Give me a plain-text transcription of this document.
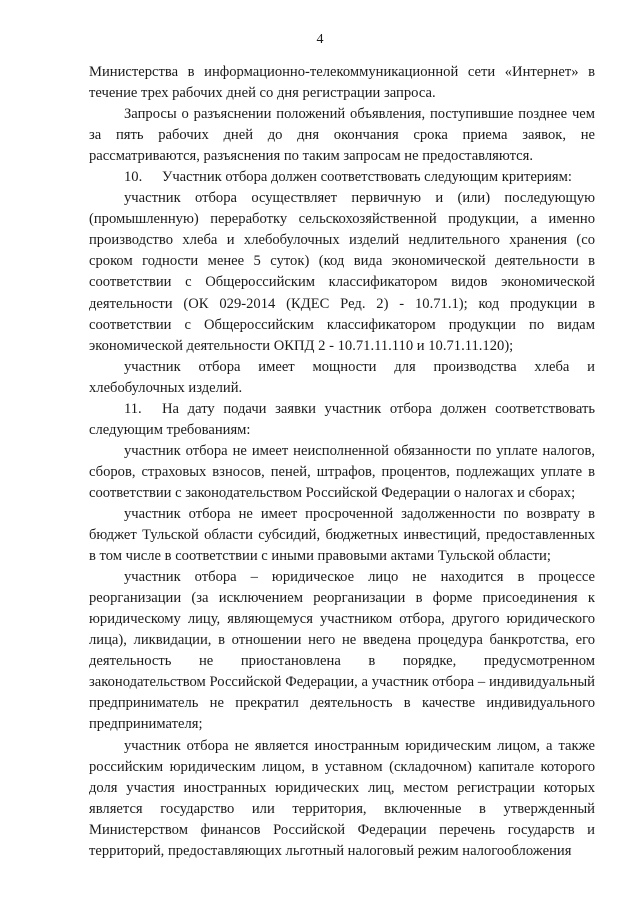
4

Министерства в информационно-телекоммуникационной сети «Интернет» в течение трех рабочих дней со дня регистрации запроса.

Запросы о разъяснении положений объявления, поступившие позднее чем за пять рабочих дней до дня окончания срока приема заявок, не рассматриваются, разъяснения по таким запросам не предоставляются.

10. Участник отбора должен соответствовать следующим критериям:

участник отбора осуществляет первичную и (или) последующую (промышленную) переработку сельскохозяйственной продукции, а именно производство хлеба и хлебобулочных изделий недлительного хранения (со сроком годности менее 5 суток) (код вида экономической деятельности в соответствии с Общероссийским классификатором видов экономической деятельности (ОК 029-2014 (КДЕС Ред. 2) - 10.71.1); код продукции в соответствии с Общероссийским классификатором продукции по видам экономической деятельности ОКПД 2 - 10.71.11.110 и 10.71.11.120);

участник отбора имеет мощности для производства хлеба и хлебобулочных изделий.

11. На дату подачи заявки участник отбора должен соответствовать следующим требованиям:

участник отбора не имеет неисполненной обязанности по уплате налогов, сборов, страховых взносов, пеней, штрафов, процентов, подлежащих уплате в соответствии с законодательством Российской Федерации о налогах и сборах;

участник отбора не имеет просроченной задолженности по возврату в бюджет Тульской области субсидий, бюджетных инвестиций, предоставленных в том числе в соответствии с иными правовыми актами Тульской области;

участник отбора – юридическое лицо не находится в процессе реорганизации (за исключением реорганизации в форме присоединения к юридическому лицу, являющемуся участником отбора, другого юридического лица), ликвидации, в отношении него не введена процедура банкротства, его деятельность не приостановлена в порядке, предусмотренном законодательством Российской Федерации, а участник отбора – индивидуальный предприниматель не прекратил деятельность в качестве индивидуального предпринимателя;

участник отбора не является иностранным юридическим лицом, а также российским юридическим лицом, в уставном (складочном) капитале которого доля участия иностранных юридических лиц, местом регистрации которых является государство или территория, включенные в утвержденный Министерством финансов Российской Федерации перечень государств и территорий, предоставляющих льготный налоговый режим налогообложения
